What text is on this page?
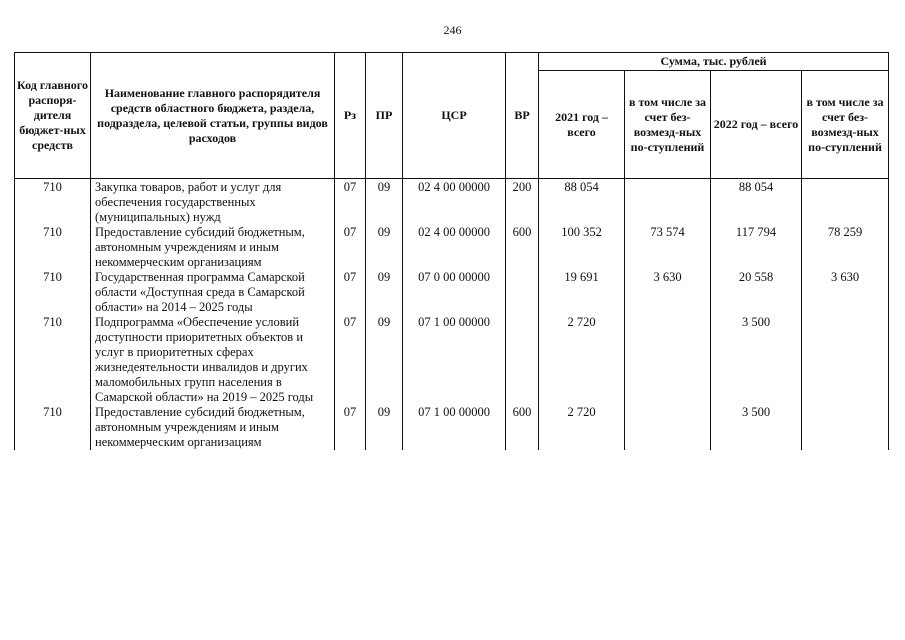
246
Код главного распоря-дителя бюджет-ных средств	Наименование главного распорядителя средств областного бюджета, раздела, подраздела, целевой статьи, группы видов расходов	Рз	ПР	ЦСР	ВР	Сумма, тыс. рублей			
						2021 год – всего	в том числе за счет без-возмезд-ных по-ступлений	2022 год – всего	в том числе за счет без-возмезд-ных по-ступлений
710	Закупка товаров, работ и услуг для обеспечения государственных (муниципальных) нужд	07	09	02 4 00 00000	200	88 054		88 054	
710	Предоставление субсидий бюджетным, автономным учреждениям и иным некоммерческим организациям	07	09	02 4 00 00000	600	100 352	73 574	117 794	78 259
710	Государственная программа Самарской области «Доступная среда в Самарской области» на 2014 – 2025 годы	07	09	07 0 00 00000		19 691	3 630	20 558	3 630
710	Подпрограмма «Обеспечение условий доступности приоритетных объектов и услуг в приоритетных сферах жизнедеятельности инвалидов и других маломобильных групп населения в Самарской области» на 2019 – 2025 годы	07	09	07 1 00 00000		2 720		3 500	
710	Предоставление субсидий бюджетным, автономным учреждениям и иным некоммерческим организациям	07	09	07 1 00 00000	600	2 720		3 500	
